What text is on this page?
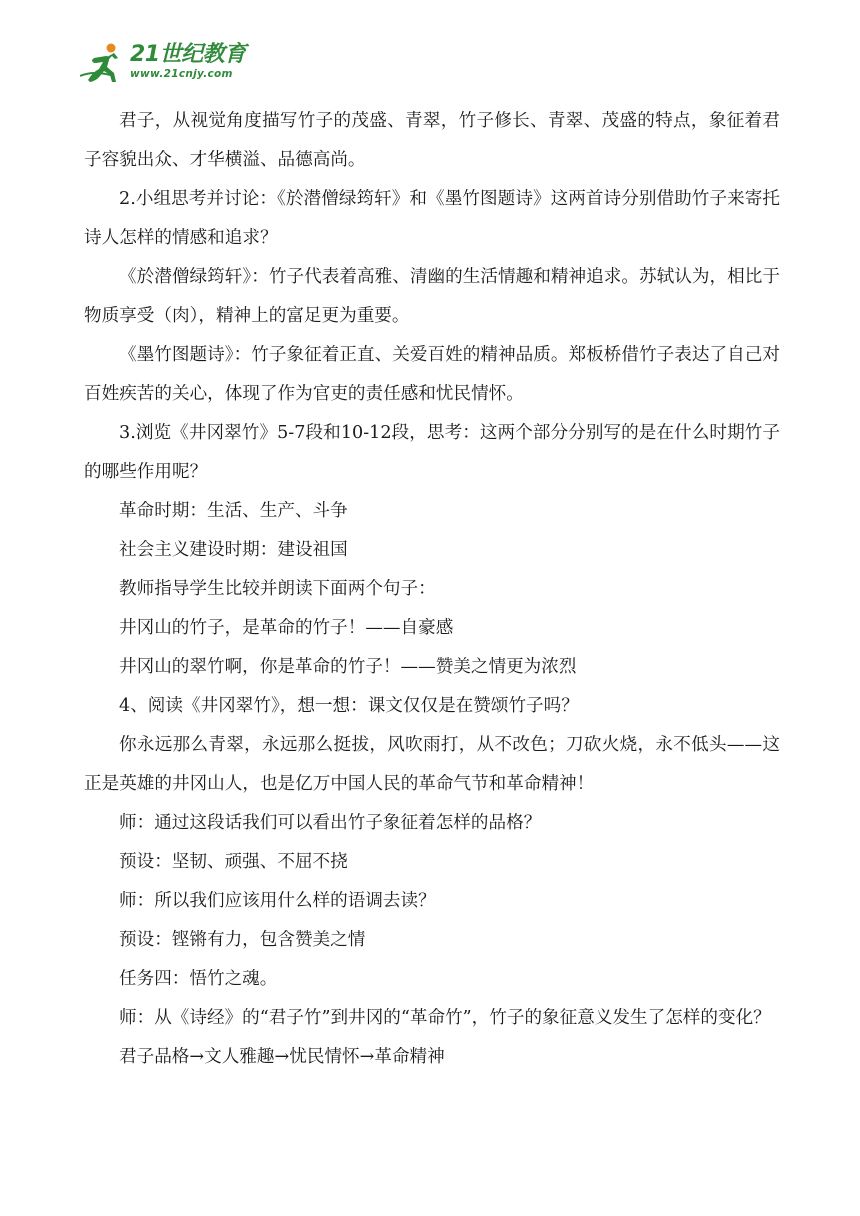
21世纪教育
www.21cnjy.com

君子，从视觉角度描写竹子的茂盛、青翠，竹子修长、青翠、茂盛的特点，象征着君子容貌出众、才华横溢、品德高尚。

2.小组思考并讨论：《於潜僧绿筠轩》和《墨竹图题诗》这两首诗分别借助竹子来寄托诗人怎样的情感和追求？

《於潜僧绿筠轩》：竹子代表着高雅、清幽的生活情趣和精神追求。苏轼认为，相比于物质享受（肉），精神上的富足更为重要。

《墨竹图题诗》：竹子象征着正直、关爱百姓的精神品质。郑板桥借竹子表达了自己对百姓疾苦的关心，体现了作为官吏的责任感和忧民情怀。

3.浏览《井冈翠竹》5-7段和10-12段，思考：这两个部分分别写的是在什么时期竹子的哪些作用呢？

革命时期：生活、生产、斗争

社会主义建设时期：建设祖国

教师指导学生比较并朗读下面两个句子：

井冈山的竹子，是革命的竹子！——自豪感

井冈山的翠竹啊，你是革命的竹子！——赞美之情更为浓烈

4、阅读《井冈翠竹》，想一想：课文仅仅是在赞颂竹子吗？

你永远那么青翠，永远那么挺拔，风吹雨打，从不改色；刀砍火烧，永不低头——这正是英雄的井冈山人，也是亿万中国人民的革命气节和革命精神！

师：通过这段话我们可以看出竹子象征着怎样的品格？

预设：坚韧、顽强、不屈不挠

师：所以我们应该用什么样的语调去读？

预设：铿锵有力，包含赞美之情

任务四：悟竹之魂。

师：从《诗经》的“君子竹”到井冈的“革命竹”，竹子的象征意义发生了怎样的变化？

君子品格→文人雅趣→忧民情怀→革命精神
